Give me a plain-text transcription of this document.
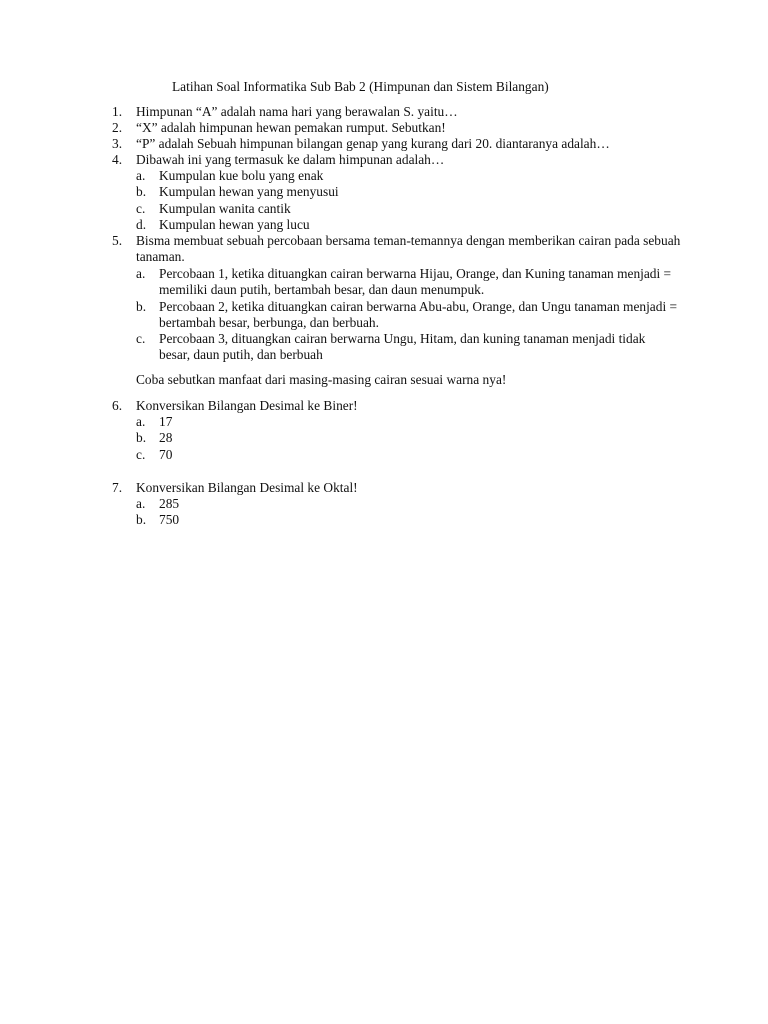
Latihan Soal Informatika Sub Bab 2 (Himpunan dan Sistem Bilangan)
1. Himpunan “A” adalah nama hari yang berawalan S. yaitu…
2. “X” adalah himpunan hewan pemakan rumput. Sebutkan!
3. “P” adalah Sebuah himpunan bilangan genap yang kurang dari 20. diantaranya adalah…
4. Dibawah ini yang termasuk ke dalam himpunan adalah…
a. Kumpulan kue bolu yang enak
b. Kumpulan hewan yang menyusui
c. Kumpulan wanita cantik
d. Kumpulan hewan yang lucu
5. Bisma membuat sebuah percobaan bersama teman-temannya dengan memberikan cairan pada sebuah tanaman.
a. Percobaan 1, ketika dituangkan cairan berwarna Hijau, Orange, dan Kuning tanaman menjadi = memiliki daun putih, bertambah besar, dan daun menumpuk.
b. Percobaan 2, ketika dituangkan cairan berwarna Abu-abu, Orange, dan Ungu tanaman menjadi = bertambah besar, berbunga, dan berbuah.
c. Percobaan 3, dituangkan cairan berwarna Ungu, Hitam, dan kuning tanaman menjadi tidak besar, daun putih, dan berbuah
Coba sebutkan manfaat dari masing-masing cairan sesuai warna nya!
6. Konversikan Bilangan Desimal ke Biner!
a. 17
b. 28
c. 70
7. Konversikan Bilangan Desimal ke Oktal!
a. 285
b. 750
